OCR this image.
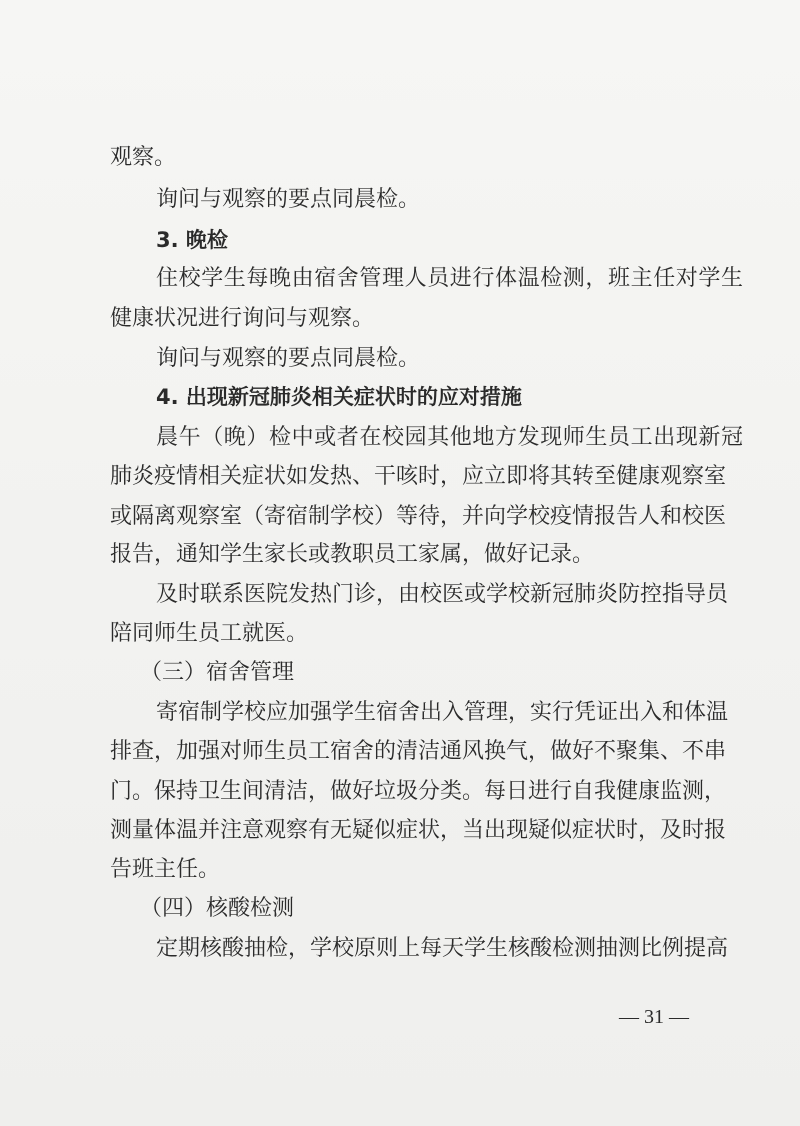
观察。
询问与观察的要点同晨检。
3. 晚检
住校学生每晚由宿舍管理人员进行体温检测，班主任对学生
健康状况进行询问与观察。
询问与观察的要点同晨检。
4. 出现新冠肺炎相关症状时的应对措施
晨午（晚）检中或者在校园其他地方发现师生员工出现新冠
肺炎疫情相关症状如发热、干咳时，应立即将其转至健康观察室
或隔离观察室（寄宿制学校）等待，并向学校疫情报告人和校医
报告，通知学生家长或教职员工家属，做好记录。
及时联系医院发热门诊，由校医或学校新冠肺炎防控指导员
陪同师生员工就医。
（三）宿舍管理
寄宿制学校应加强学生宿舍出入管理，实行凭证出入和体温
排查，加强对师生员工宿舍的清洁通风换气，做好不聚集、不串
门。保持卫生间清洁，做好垃圾分类。每日进行自我健康监测，
测量体温并注意观察有无疑似症状，当出现疑似症状时，及时报
告班主任。
（四）核酸检测
定期核酸抽检，学校原则上每天学生核酸检测抽测比例提高
— 31 —
